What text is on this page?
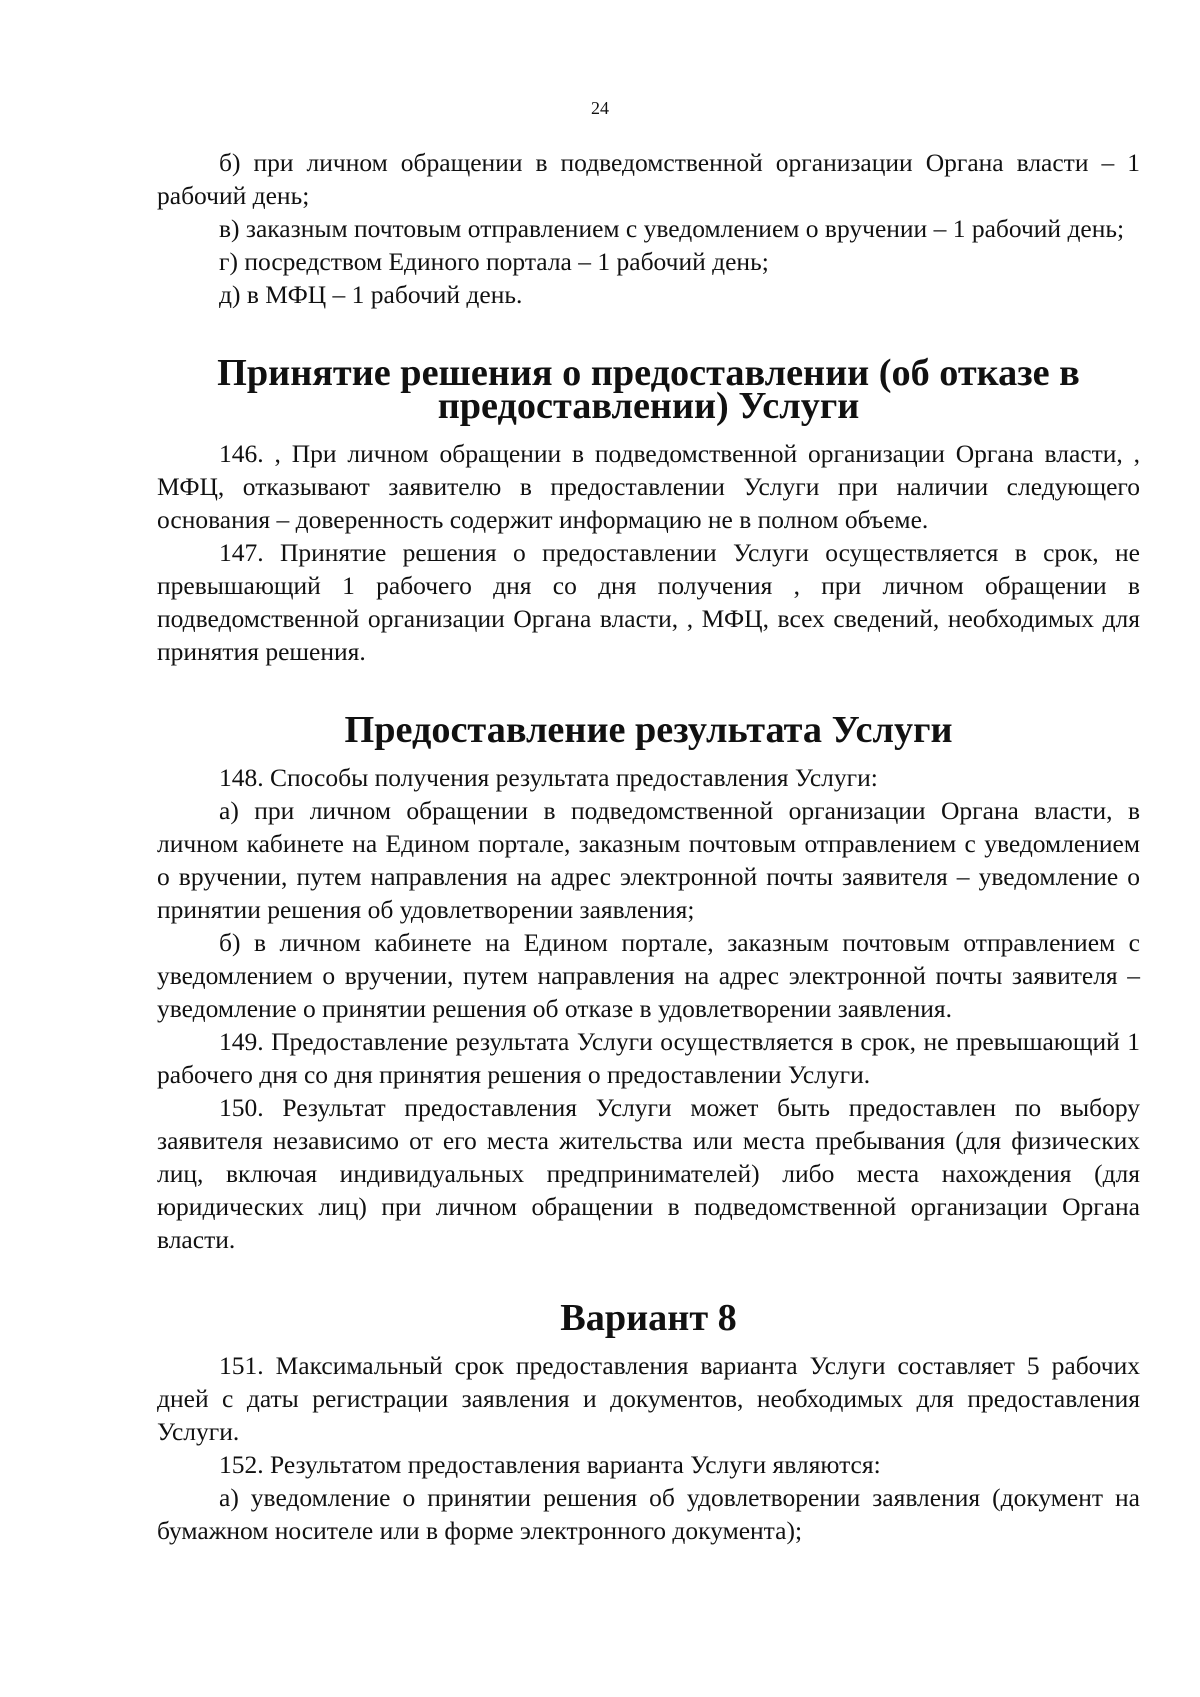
24

б) при личном обращении в подведомственной организации Органа власти – 1 рабочий день;

в) заказным почтовым отправлением с уведомлением о вручении – 1 рабочий день;

г) посредством Единого портала – 1 рабочий день;

д) в МФЦ – 1 рабочий день.

Принятие решения о предоставлении (об отказе в предоставлении) Услуги

146. , При личном обращении в подведомственной организации Органа власти, , МФЦ, отказывают заявителю в предоставлении Услуги при наличии следующего основания – доверенность содержит информацию не в полном объеме.

147. Принятие решения о предоставлении Услуги осуществляется в срок, не превышающий 1 рабочего дня со дня получения , при личном обращении в подведомственной организации Органа власти, , МФЦ, всех сведений, необходимых для принятия решения.

Предоставление результата Услуги

148. Способы получения результата предоставления Услуги:

а) при личном обращении в подведомственной организации Органа власти, в личном кабинете на Едином портале, заказным почтовым отправлением с уведомлением о вручении, путем направления на адрес электронной почты заявителя – уведомление о принятии решения об удовлетворении заявления;

б) в личном кабинете на Едином портале, заказным почтовым отправлением с уведомлением о вручении, путем направления на адрес электронной почты заявителя – уведомление о принятии решения об отказе в удовлетворении заявления.

149. Предоставление результата Услуги осуществляется в срок, не превышающий 1 рабочего дня со дня принятия решения о предоставлении Услуги.

150. Результат предоставления Услуги может быть предоставлен по выбору заявителя независимо от его места жительства или места пребывания (для физических лиц, включая индивидуальных предпринимателей) либо места нахождения (для юридических лиц) при личном обращении в подведомственной организации Органа власти.

Вариант 8

151. Максимальный срок предоставления варианта Услуги составляет 5 рабочих дней с даты регистрации заявления и документов, необходимых для предоставления Услуги.

152. Результатом предоставления варианта Услуги являются:

а) уведомление о принятии решения об удовлетворении заявления (документ на бумажном носителе или в форме электронного документа);
